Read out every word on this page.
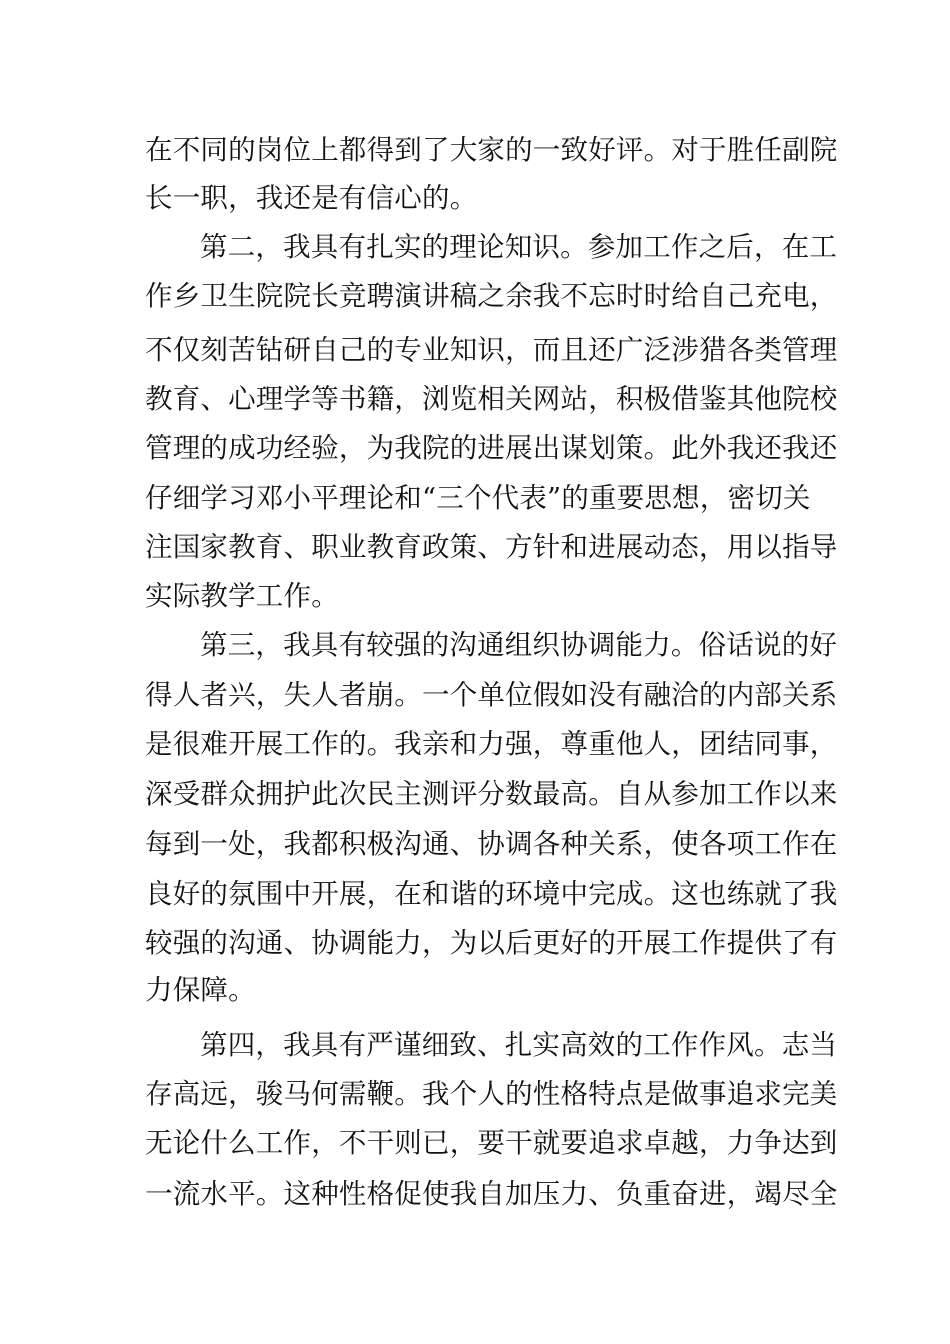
在不同的岗位上都得到了大家的一致好评。对于胜任副院
长一职，我还是有信心的。
第二，我具有扎实的理论知识。参加工作之后，在工
作乡卫生院院长竞聘演讲稿之余我不忘时时给自己充电，
不仅刻苦钻研自己的专业知识，而且还广泛涉猎各类管理
教育、心理学等书籍，浏览相关网站，积极借鉴其他院校
管理的成功经验，为我院的进展出谋划策。此外我还我还
仔细学习邓小平理论和“三个代表”的重要思想，密切关
注国家教育、职业教育政策、方针和进展动态，用以指导
实际教学工作。
第三，我具有较强的沟通组织协调能力。俗话说的好
得人者兴，失人者崩。一个单位假如没有融洽的内部关系
是很难开展工作的。我亲和力强，尊重他人，团结同事，
深受群众拥护此次民主测评分数最高。自从参加工作以来
每到一处，我都积极沟通、协调各种关系，使各项工作在
良好的氛围中开展，在和谐的环境中完成。这也练就了我
较强的沟通、协调能力，为以后更好的开展工作提供了有
力保障。
第四，我具有严谨细致、扎实高效的工作作风。志当
存高远，骏马何需鞭。我个人的性格特点是做事追求完美
无论什么工作，不干则已，要干就要追求卓越，力争达到
一流水平。这种性格促使我自加压力、负重奋进，竭尽全
